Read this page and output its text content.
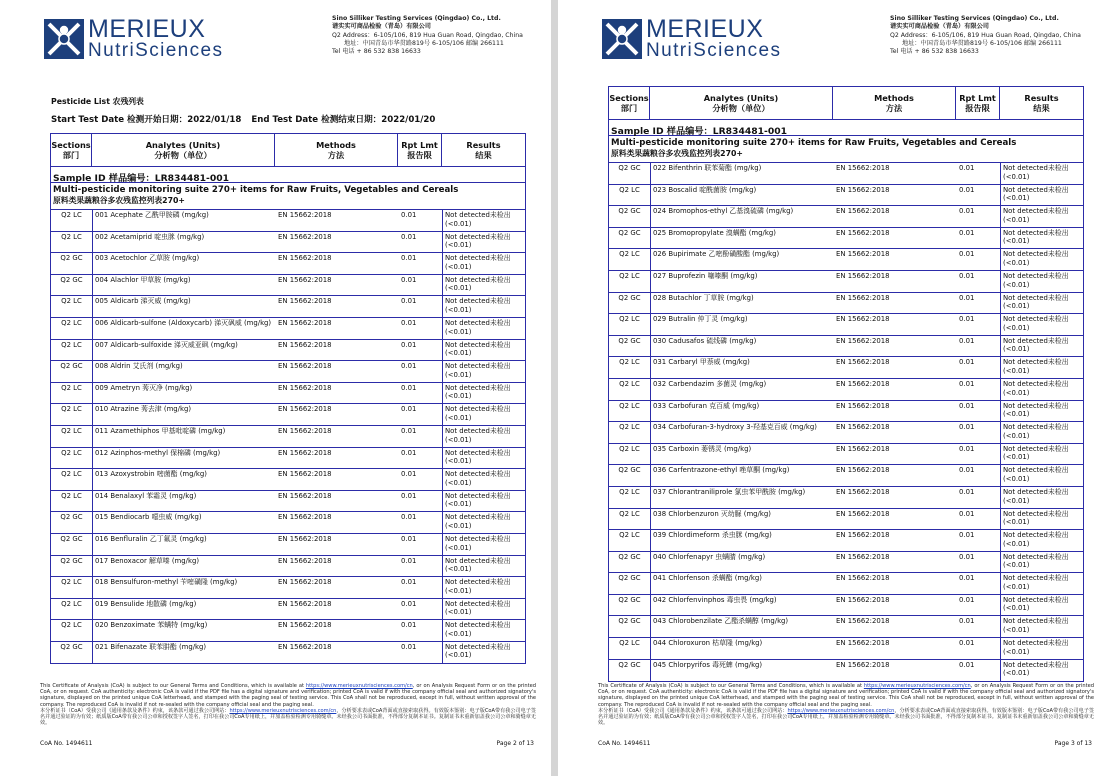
MERIEUX
NutriSciences
Sino Silliker Testing Services (Qingdao) Co., Ltd.
谱实实可商品检验（青岛）有限公司
Q2 Address：6-105/106, 819 Hua Guan Road, Qingdao, China
地址：中国青岛市华贯路819号 6-105/106 邮编 266111
Tel 电话 + 86 532 838 16633
Pesticide List 农残列表
Start Test Date 检测开始日期：2022/01/18 End Test Date 检测结束日期：2022/01/20
Sections
部门
Analytes (Units)
分析物（单位）
Methods
方法
Rpt Lmt
报告限
Results
结果
Sample ID 样品编号：LR834481-001
Multi-pesticide monitoring suite 270+ items for Raw Fruits, Vegetables and Cereals
原料类果蔬粮谷多农残监控列表270+
Q2 LC	001 Acephate 乙酰甲胺磷 (mg/kg)	EN 15662:2018	0.01	Not detected未检出(<0.01)
Q2 LC	002 Acetamiprid 啶虫脒 (mg/kg)	EN 15662:2018	0.01	Not detected未检出(<0.01)
Q2 GC	003 Acetochlor 乙草胺 (mg/kg)	EN 15662:2018	0.01	Not detected未检出(<0.01)
Q2 GC	004 Alachlor 甲草胺 (mg/kg)	EN 15662:2018	0.01	Not detected未检出(<0.01)
Q2 LC	005 Aldicarb 涕灭威 (mg/kg)	EN 15662:2018	0.01	Not detected未检出(<0.01)
Q2 LC	006 Aldicarb-sulfone (Aldoxycarb) 涕灭砜威 (mg/kg) EN 15662:2018	0.01	Not detected未检出(<0.01)
Q2 LC	007 Aldicarb-sulfoxide 涕灭威亚砜 (mg/kg)	EN 15662:2018	0.01	Not detected未检出(<0.01)
Q2 GC	008 Aldrin 艾氏剂 (mg/kg)	EN 15662:2018	0.01	Not detected未检出(<0.01)
Q2 LC	009 Ametryn 莠灭净 (mg/kg)	EN 15662:2018	0.01	Not detected未检出(<0.01)
Q2 LC	010 Atrazine 莠去津 (mg/kg)	EN 15662:2018	0.01	Not detected未检出(<0.01)
Q2 LC	011 Azamethiphos 甲基吡啶磷 (mg/kg)	EN 15662:2018	0.01	Not detected未检出(<0.01)
Q2 LC	012 Azinphos-methyl 保棉磷 (mg/kg)	EN 15662:2018	0.01	Not detected未检出(<0.01)
Q2 LC	013 Azoxystrobin 嘧菌酯 (mg/kg)	EN 15662:2018	0.01	Not detected未检出(<0.01)
Q2 LC	014 Benalaxyl 苯霜灵 (mg/kg)	EN 15662:2018	0.01	Not detected未检出(<0.01)
Q2 GC	015 Bendiocarb 噁虫威 (mg/kg)	EN 15662:2018	0.01	Not detected未检出(<0.01)
Q2 GC	016 Benfluralin 乙丁氟灵 (mg/kg)	EN 15662:2018	0.01	Not detected未检出(<0.01)
Q2 GC	017 Benoxacor 解草嗪 (mg/kg)	EN 15662:2018	0.01	Not detected未检出(<0.01)
Q2 LC	018 Bensulfuron-methyl 苄嘧磺隆 (mg/kg)	EN 15662:2018	0.01	Not detected未检出(<0.01)
Q2 LC	019 Bensulide 地散磷 (mg/kg)	EN 15662:2018	0.01	Not detected未检出(<0.01)
Q2 LC	020 Benzoximate 苯螨特 (mg/kg)	EN 15662:2018	0.01	Not detected未检出(<0.01)
Q2 GC	021 Bifenazate 联苯肼酯 (mg/kg)	EN 15662:2018	0.01	Not detected未检出(<0.01)
This Certificate of Analysis (CoA) is subject to our General Terms and Conditions, which is available at https://www.merieuxnutrisciences.com/cn, or on Analysis Request Form or on the printed CoA, or on request. CoA authenticity: electronic CoA is valid if the PDF file has a digital signature and verification; printed CoA is valid if with the company official seal and authorized signatory's signature, displayed on the printed unique CoA letterhead, and stamped with the paging seal of testing service. This CoA shall not be reproduced, except in full, without written approval of the company. The reproduced CoA is invalid if not re-sealed with the company official seal and the paging seal.
本分析证书（CoA）受我公司《通用条款及条件》约束，该条款可通过我公司网站：https://www.merieuxnutrisciences.com/cn，分析要求表或CoA背面或直接索取获得。有效版本鉴别：电子版CoA带有我公司电子签名并通过验证的为有效；纸质版CoA带有我公司公章和授权签字人签名，打印在我公司CoA专用纸上，并加盖检验检测专用骑缝章。未经我公司书面批准，不得部分复制本证书。复制证书未重新加盖我公司公章和骑缝章无效。
CoA No. 1494611	Page 2 of 13
MERIEUX
NutriSciences
Sino Silliker Testing Services (Qingdao) Co., Ltd.
谱实实可商品检验（青岛）有限公司
Q2 Address：6-105/106, 819 Hua Guan Road, Qingdao, China
地址：中国青岛市华贯路819号 6-105/106 邮编 266111
Tel 电话 + 86 532 838 16633
Sections
部门
Analytes (Units)
分析物（单位）
Methods
方法
Rpt Lmt
报告限
Results
结果
Sample ID 样品编号：LR834481-001
Multi-pesticide monitoring suite 270+ items for Raw Fruits, Vegetables and Cereals
原料类果蔬粮谷多农残监控列表270+
Q2 GC	022 Bifenthrin 联苯菊酯 (mg/kg)	EN 15662:2018	0.01	Not detected未检出(<0.01)
Q2 LC	023 Boscalid 啶酰菌胺 (mg/kg)	EN 15662:2018	0.01	Not detected未检出(<0.01)
Q2 GC	024 Bromophos-ethyl 乙基溴硫磷 (mg/kg)	EN 15662:2018	0.01	Not detected未检出(<0.01)
Q2 GC	025 Bromopropylate 溴螨酯 (mg/kg)	EN 15662:2018	0.01	Not detected未检出(<0.01)
Q2 LC	026 Bupirimate 乙嘧酚磺酸酯 (mg/kg)	EN 15662:2018	0.01	Not detected未检出(<0.01)
Q2 LC	027 Buprofezin 噻嗪酮 (mg/kg)	EN 15662:2018	0.01	Not detected未检出(<0.01)
Q2 GC	028 Butachlor 丁草胺 (mg/kg)	EN 15662:2018	0.01	Not detected未检出(<0.01)
Q2 LC	029 Butralin 仲丁灵 (mg/kg)	EN 15662:2018	0.01	Not detected未检出(<0.01)
Q2 GC	030 Cadusafos 硫线磷 (mg/kg)	EN 15662:2018	0.01	Not detected未检出(<0.01)
Q2 LC	031 Carbaryl 甲萘威 (mg/kg)	EN 15662:2018	0.01	Not detected未检出(<0.01)
Q2 LC	032 Carbendazim 多菌灵 (mg/kg)	EN 15662:2018	0.01	Not detected未检出(<0.01)
Q2 LC	033 Carbofuran 克百威 (mg/kg)	EN 15662:2018	0.01	Not detected未检出(<0.01)
Q2 LC	034 Carbofuran-3-hydroxy 3-羟基克百威 (mg/kg)	EN 15662:2018	0.01	Not detected未检出(<0.01)
Q2 LC	035 Carboxin 萎锈灵 (mg/kg)	EN 15662:2018	0.01	Not detected未检出(<0.01)
Q2 GC	036 Carfentrazone-ethyl 唑草酮 (mg/kg)	EN 15662:2018	0.01	Not detected未检出(<0.01)
Q2 LC	037 Chlorantraniliprole 氯虫苯甲酰胺 (mg/kg)	EN 15662:2018	0.01	Not detected未检出(<0.01)
Q2 LC	038 Chlorbenzuron 灭幼脲 (mg/kg)	EN 15662:2018	0.01	Not detected未检出(<0.01)
Q2 LC	039 Chlordimeform 杀虫脒 (mg/kg)	EN 15662:2018	0.01	Not detected未检出(<0.01)
Q2 GC	040 Chlorfenapyr 虫螨腈 (mg/kg)	EN 15662:2018	0.01	Not detected未检出(<0.01)
Q2 GC	041 Chlorfenson 杀螨酯 (mg/kg)	EN 15662:2018	0.01	Not detected未检出(<0.01)
Q2 GC	042 Chlorfenvinphos 毒虫畏 (mg/kg)	EN 15662:2018	0.01	Not detected未检出(<0.01)
Q2 GC	043 Chlorobenzilate 乙酯杀螨醇 (mg/kg)	EN 15662:2018	0.01	Not detected未检出(<0.01)
Q2 LC	044 Chloroxuron 枯草隆 (mg/kg)	EN 15662:2018	0.01	Not detected未检出(<0.01)
Q2 GC	045 Chlorpyrifos 毒死蜱 (mg/kg)	EN 15662:2018	0.01	Not detected未检出(<0.01)
This Certificate of Analysis (CoA) is subject to our General Terms and Conditions, which is available at https://www.merieuxnutrisciences.com/cn, or on Analysis Request Form or on the printed CoA, or on request. CoA authenticity: electronic CoA is valid if the PDF file has a digital signature and verification; printed CoA is valid if with the company official seal and authorized signatory's signature, displayed on the printed unique CoA letterhead, and stamped with the paging seal of testing service. This CoA shall not be reproduced, except in full, without written approval of the company. The reproduced CoA is invalid if not re-sealed with the company official seal and the paging seal.
本分析证书（CoA）受我公司《通用条款及条件》约束，该条款可通过我公司网站：https://www.merieuxnutrisciences.com/cn，分析要求表或CoA背面或直接索取获得。有效版本鉴别：电子版CoA带有我公司电子签名并通过验证的为有效；纸质版CoA带有我公司公章和授权签字人签名，打印在我公司CoA专用纸上，并加盖检验检测专用骑缝章。未经我公司书面批准，不得部分复制本证书。复制证书未重新加盖我公司公章和骑缝章无效。
CoA No. 1494611	Page 3 of 13
